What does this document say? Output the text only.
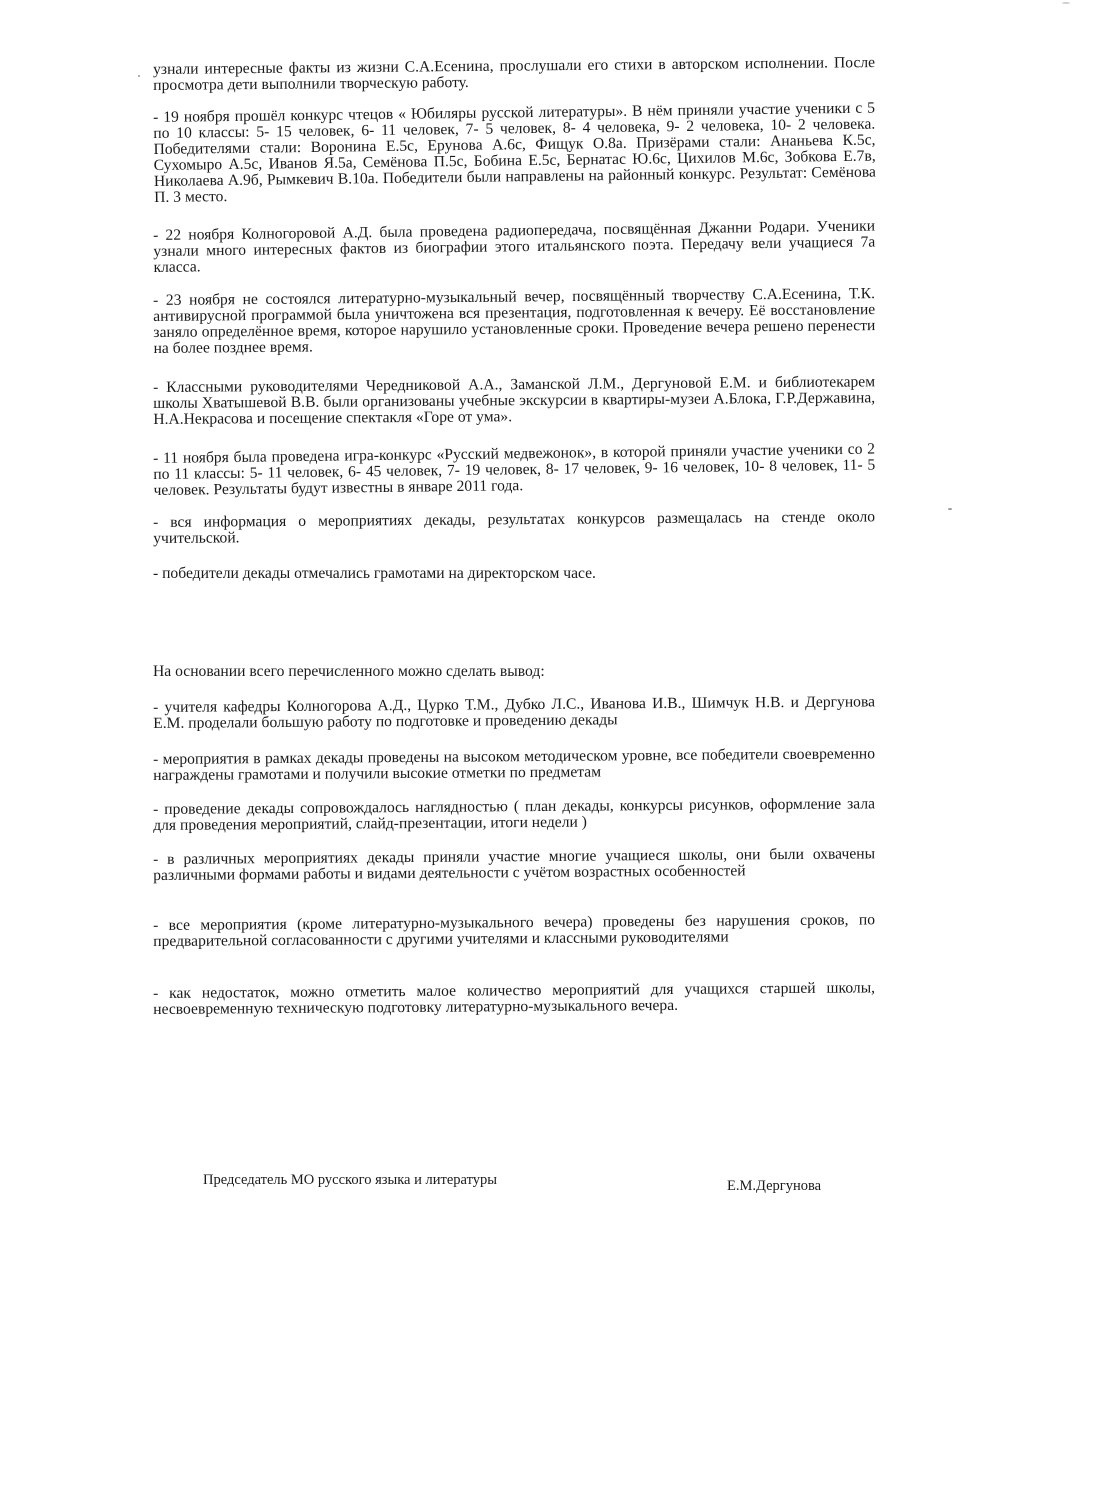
узнали интересные факты из жизни С.А.Есенина, прослушали его стихи в авторском исполнении. После просмотра дети выполнили творческую работу.

- 19 ноября прошёл конкурс чтецов « Юбиляры русской литературы». В нём приняли участие ученики с 5 по 10 классы: 5- 15 человек, 6- 11 человек, 7- 5 человек, 8- 4 человека, 9- 2 человека, 10- 2 человека. Победителями стали: Воронина Е.5с, Ерунова А.6с, Фищук О.8а. Призёрами стали: Ананьева К.5с, Сухомыро А.5с, Иванов Я.5а, Семёнова П.5с, Бобина Е.5с, Бернатас Ю.6с, Цихилов М.6с, Зобкова Е.7в, Николаева А.9б, Рымкевич В.10а. Победители были направлены на районный конкурс. Результат: Семёнова П. 3 место.

- 22 ноября Колногоровой А.Д. была проведена радиопередача, посвящённая Джанни Родари. Ученики узнали много интересных фактов из биографии этого итальянского поэта. Передачу вели учащиеся 7а класса.

- 23 ноября не состоялся литературно-музыкальный вечер, посвящённый творчеству С.А.Есенина, Т.К. антивирусной программой была уничтожена вся презентация, подготовленная к вечеру. Её восстановление заняло определённое время, которое нарушило установленные сроки. Проведение вечера решено перенести на более позднее время.

- Классными руководителями Чередниковой А.А., Заманской Л.М., Дергуновой Е.М. и библиотекарем школы Хватышевой В.В. были организованы учебные экскурсии в квартиры-музеи А.Блока, Г.Р.Державина, Н.А.Некрасова и посещение спектакля «Горе от ума».

- 11 ноября была проведена игра-конкурс «Русский медвежонок», в которой приняли участие ученики со 2 по 11 классы: 5- 11 человек, 6- 45 человек, 7- 19 человек, 8- 17 человек, 9- 16 человек, 10- 8 человек, 11- 5 человек. Результаты будут известны в январе 2011 года.

- вся информация о мероприятиях декады, результатах конкурсов размещалась на стенде около учительской.

- победители декады отмечались грамотами на директорском часе.

На основании всего перечисленного можно сделать вывод:

- учителя кафедры Колногорова А.Д., Цурко Т.М., Дубко Л.С., Иванова И.В., Шимчук Н.В. и Дергунова Е.М. проделали большую работу по подготовке и проведению декады

- мероприятия в рамках декады проведены на высоком методическом уровне, все победители своевременно награждены грамотами и получили высокие отметки по предметам

- проведение декады сопровождалось наглядностью ( план декады, конкурсы рисунков, оформление зала для проведения мероприятий, слайд-презентации, итоги недели )

- в различных мероприятиях декады приняли участие многие учащиеся школы, они были охвачены различными формами работы и видами деятельности с учётом возрастных особенностей

- все мероприятия (кроме литературно-музыкального вечера) проведены без нарушения сроков, по предварительной согласованности с другими учителями и классными руководителями

- как недостаток, можно отметить малое количество мероприятий для учащихся старшей школы, несвоевременную техническую подготовку литературно-музыкального вечера.

Председатель МО русского языка и литературы	Е.М.Дергунова
